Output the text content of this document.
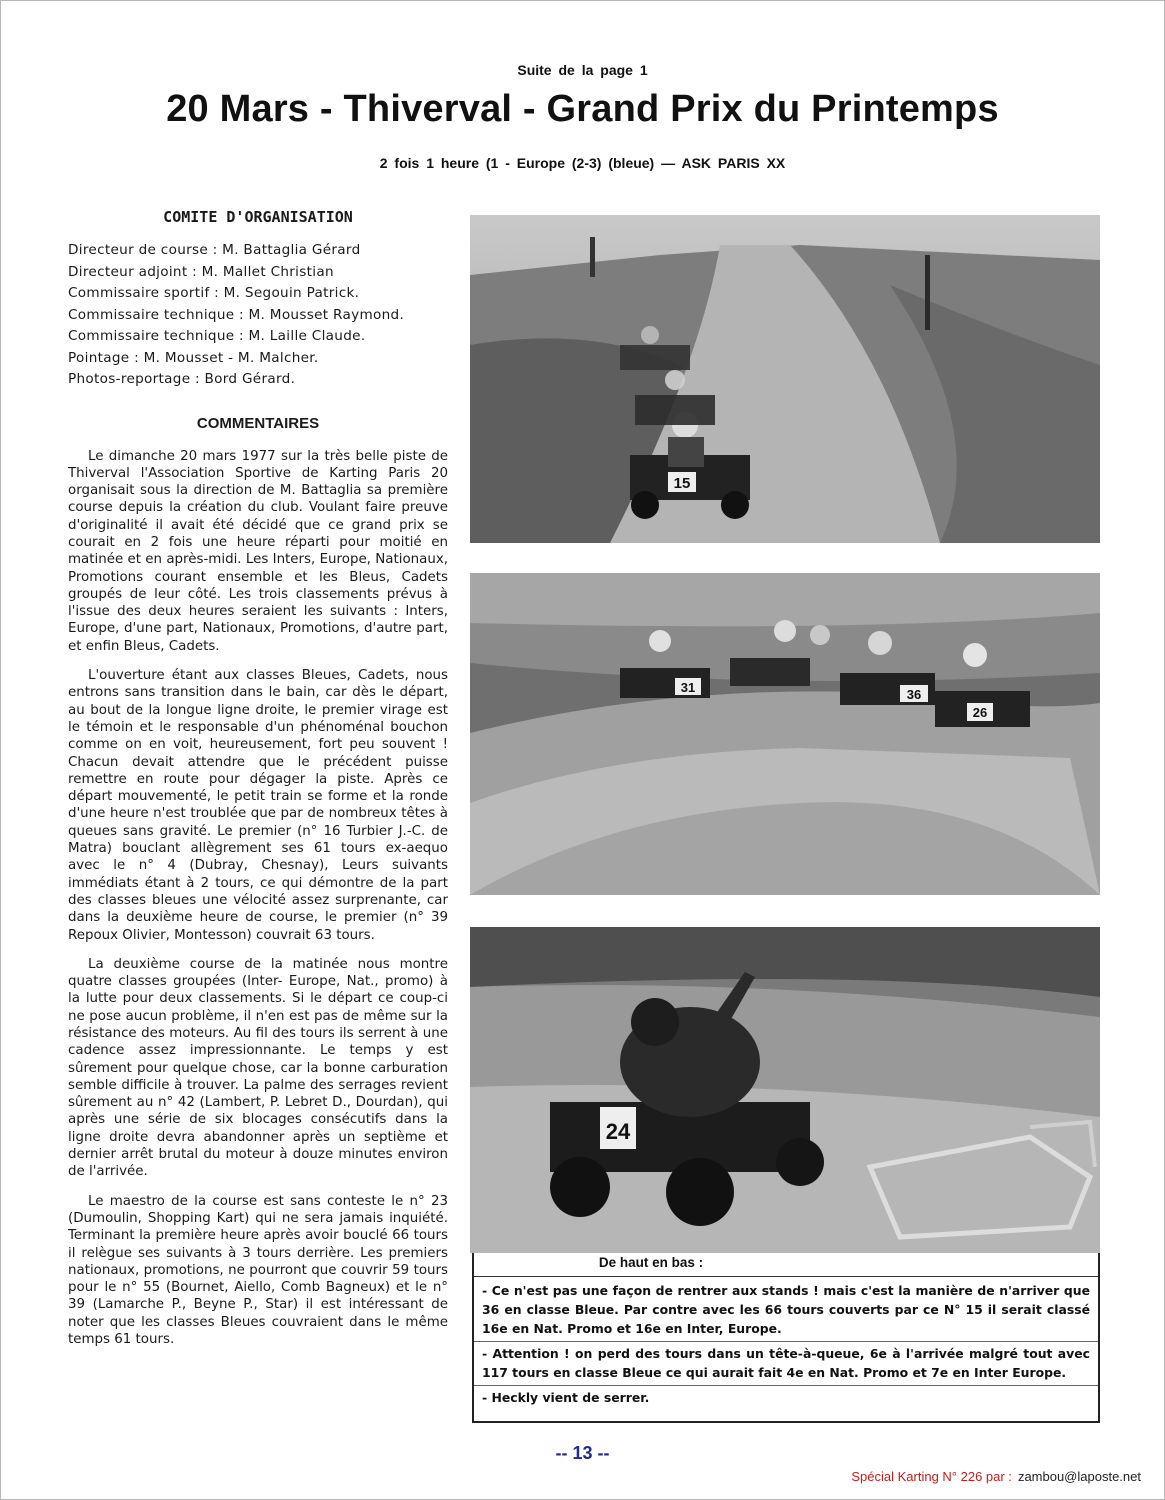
Suite de la page 1
20 Mars - Thiverval - Grand Prix du Printemps
2 fois 1 heure (1 - Europe (2-3) (bleue) — ASK PARIS XX
COMITE D'ORGANISATION
Directeur de course : M. Battaglia Gérard
Directeur adjoint : M. Mallet Christian
Commissaire sportif : M. Segouin Patrick.
Commissaire technique : M. Mousset Raymond.
Commissaire technique : M. Laille Claude.
Pointage : M. Mousset - M. Malcher.
Photos-reportage : Bord Gérard.
COMMENTAIRES

Le dimanche 20 mars 1977 sur la très belle piste de Thiverval l'Association Sportive de Karting Paris 20 organisait sous la direction de M. Battaglia sa première course depuis la création du club. Voulant faire preuve d'originalité il avait été décidé que ce grand prix se courait en 2 fois une heure réparti pour moitié en matinée et en après-midi. Les Inters, Europe, Nationaux, Promotions courant ensemble et les Bleus, Cadets groupés de leur côté. Les trois classements prévus à l'issue des deux heures seraient les suivants : Inters, Europe, d'une part, Nationaux, Promotions, d'autre part, et enfin Bleus, Cadets.

L'ouverture étant aux classes Bleues, Cadets, nous entrons sans transition dans le bain, car dès le départ, au bout de la longue ligne droite, le premier virage est le témoin et le responsable d'un phénoménal bouchon comme on en voit, heureusement, fort peu souvent ! Chacun devait attendre que le précédent puisse remettre en route pour dégager la piste. Après ce départ mouvementé, le petit train se forme et la ronde d'une heure n'est troublée que par de nombreux têtes à queues sans gravité. Le premier (n° 16 Turbier J.-C. de Matra) bouclant allègrement ses 61 tours ex-aequo avec le n° 4 (Dubray, Chesnay), Leurs suivants immédiats étant à 2 tours, ce qui démontre de la part des classes bleues une vélocité assez surprenante, car dans la deuxième heure de course, le premier (n° 39 Repoux Olivier, Montesson) couvrait 63 tours.

La deuxième course de la matinée nous montre quatre classes groupées (Inter- Europe, Nat., promo) à la lutte pour deux classements. Si le départ ce coup-ci ne pose aucun problème, il n'en est pas de même sur la résistance des moteurs. Au fil des tours ils serrent à une cadence assez impressionnante. Le temps y est sûrement pour quelque chose, car la bonne carburation semble difficile à trouver. La palme des serrages revient sûrement au n° 42 (Lambert, P. Lebret D., Dourdan), qui après une série de six blocages consécutifs dans la ligne droite devra abandonner après un septième et dernier arrêt brutal du moteur à douze minutes environ de l'arrivée.

Le maestro de la course est sans conteste le n° 23 (Dumoulin, Shopping Kart) qui ne sera jamais inquiété. Terminant la première heure après avoir bouclé 66 tours il relègue ses suivants à 3 tours derrière. Les premiers nationaux, promotions, ne pourront que couvrir 59 tours pour le n° 55 (Bournet, Aiello, Comb Bagneux) et le n° 39 (Lamarche P., Beyne P., Star) il est intéressant de noter que les classes Bleues couvraient dans le même temps 61 tours.

15
31	36
26
24
De haut en bas :
- Ce n'est pas une façon de rentrer aux stands ! mais c'est la manière de n'arriver que 36 en classe Bleue. Par contre avec les 66 tours couverts par ce N° 15 il serait classé 16e en Nat. Promo et 16e en Inter, Europe.
- Attention ! on perd des tours dans un tête-à-queue, 6e à l'arrivée malgré tout avec 117 tours en classe Bleue ce qui aurait fait 4e en Nat. Promo et 7e en Inter Europe.
- Heckly vient de serrer.
-- 13 --
Spécial Karting N° 226 par : zambou@laposte.net
